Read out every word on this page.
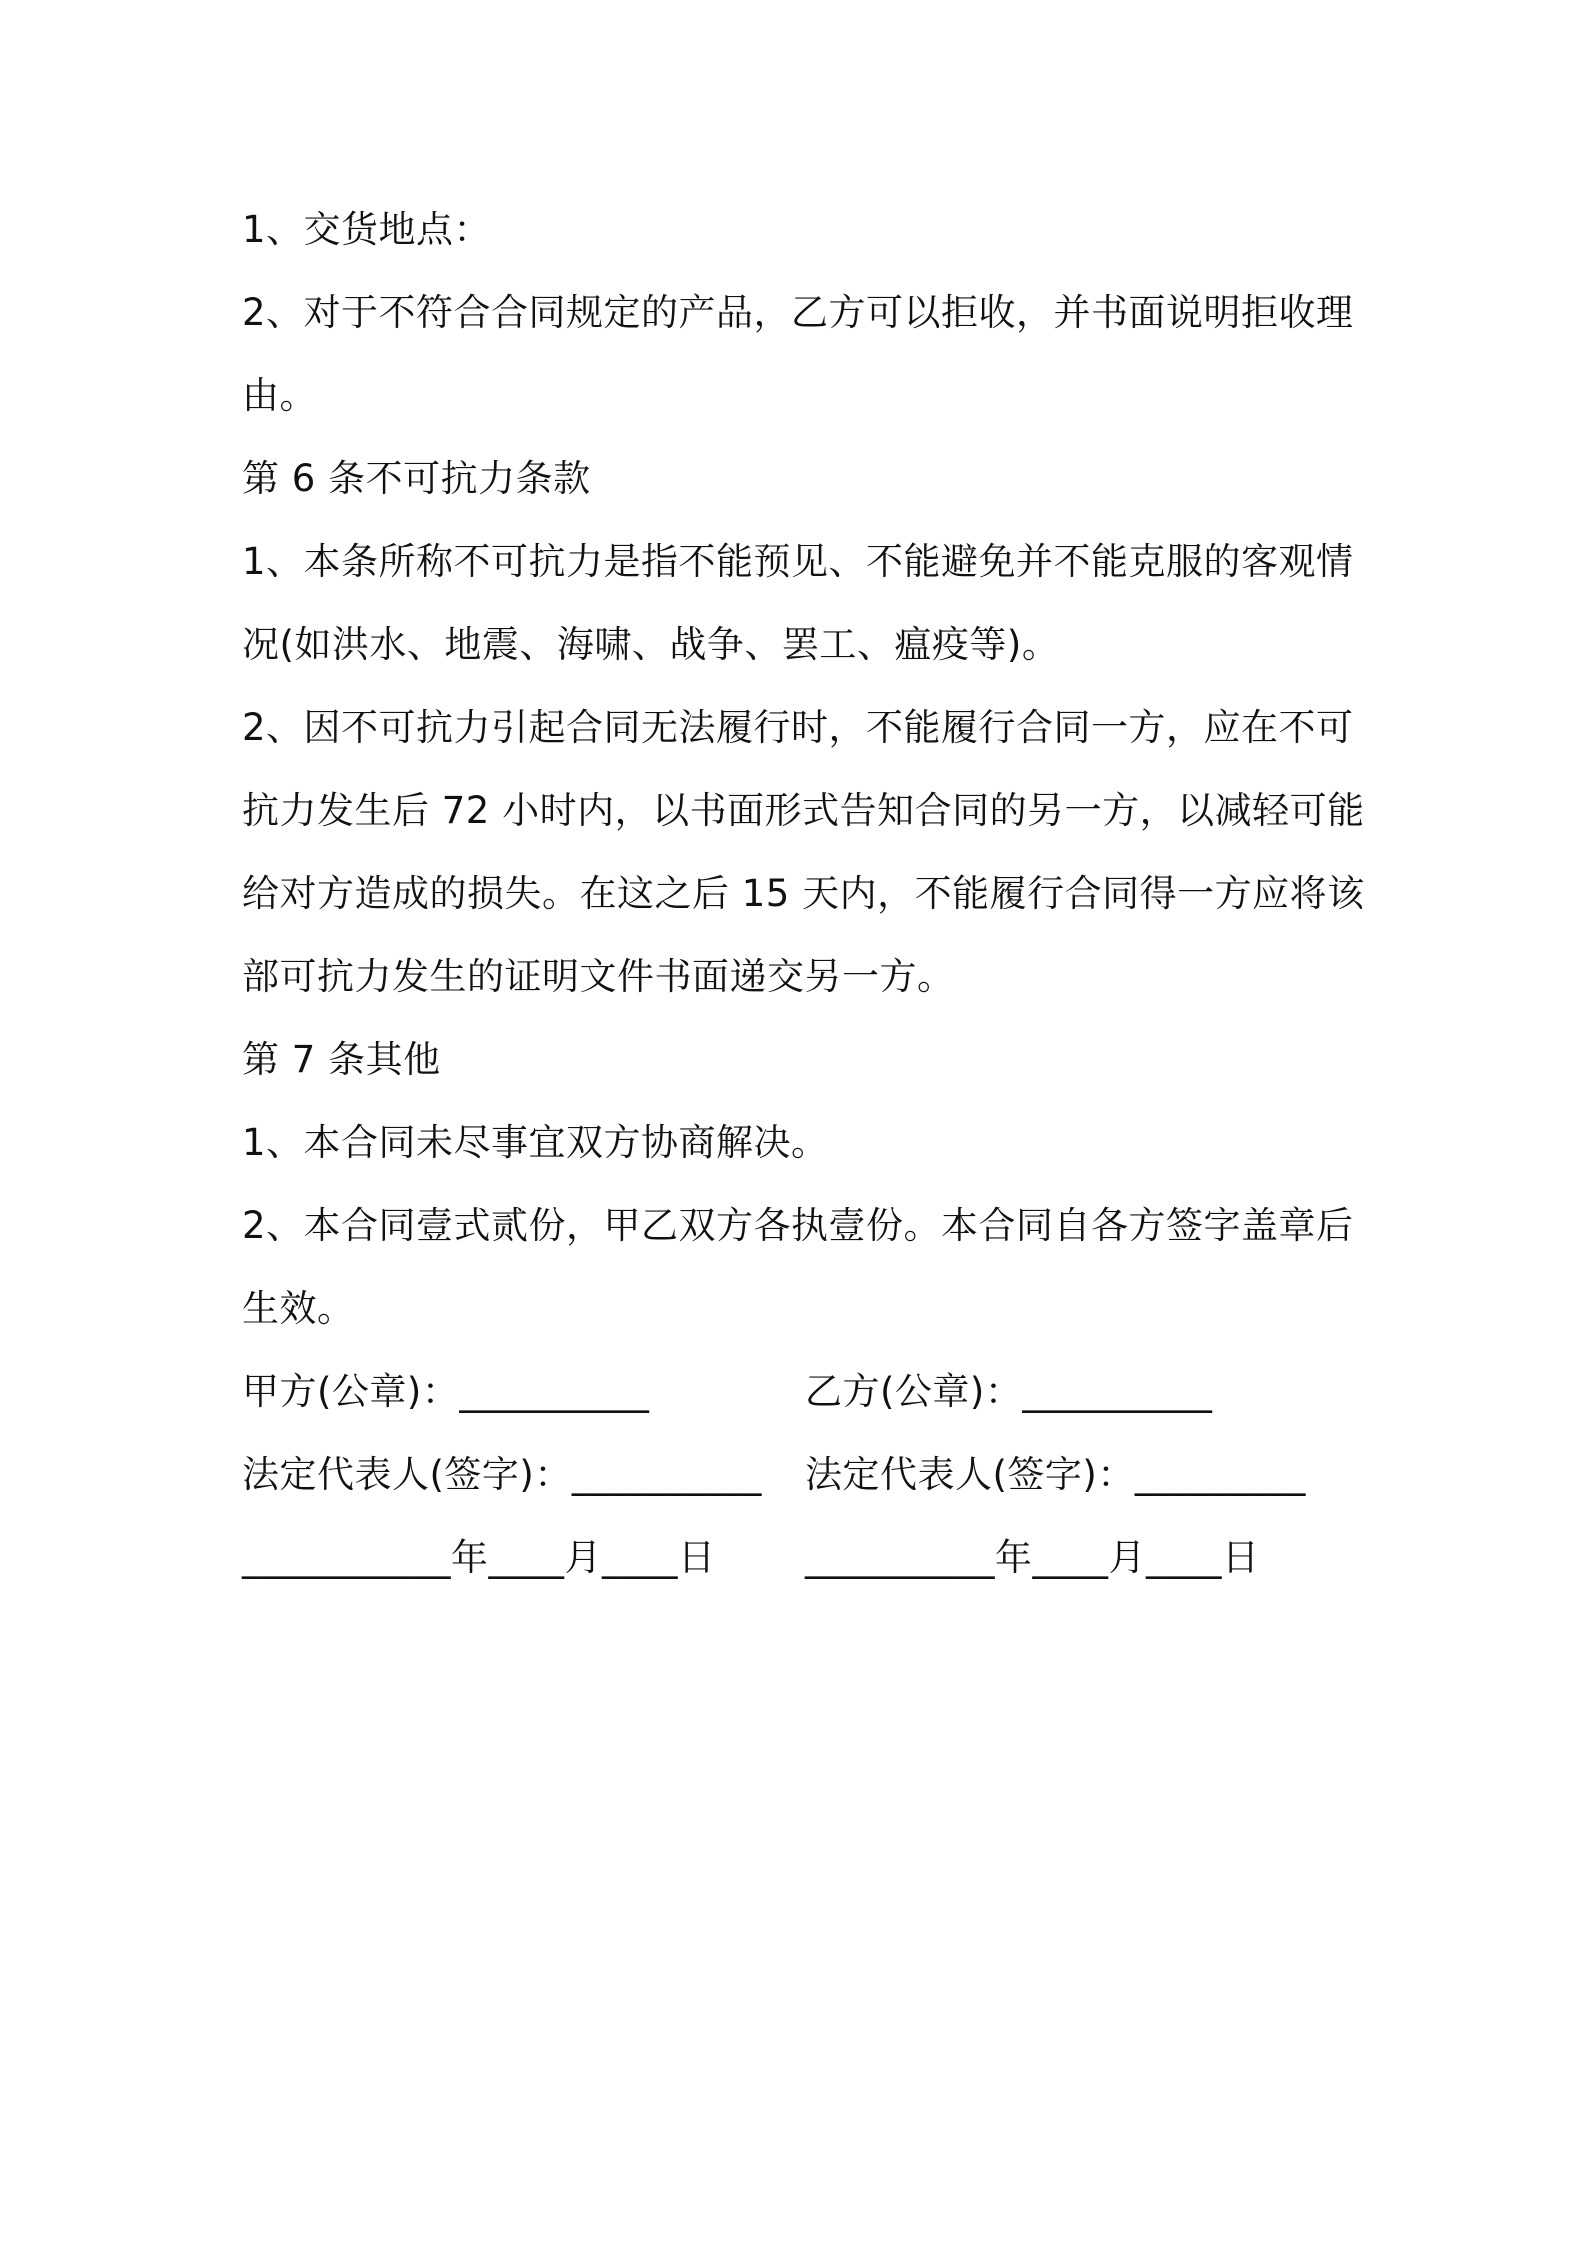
1、交货地点：
2、对于不符合合同规定的产品，乙方可以拒收，并书面说明拒收理
由。
第 6 条不可抗力条款
1、本条所称不可抗力是指不能预见、不能避免并不能克服的客观情
况(如洪水、地震、海啸、战争、罢工、瘟疫等)。
2、因不可抗力引起合同无法履行时，不能履行合同一方，应在不可
抗力发生后 72 小时内，以书面形式告知合同的另一方，以减轻可能
给对方造成的损失。在这之后 15 天内，不能履行合同得一方应将该
部可抗力发生的证明文件书面递交另一方。
第 7 条其他
1、本合同未尽事宜双方协商解决。
2、本合同壹式贰份，甲乙双方各执壹份。本合同自各方签字盖章后
生效。
甲方(公章)：__________	乙方(公章)：__________
法定代表人(签字)：__________ 法定代表人(签字)：_________
___________年____月____日 __________年____月____日
